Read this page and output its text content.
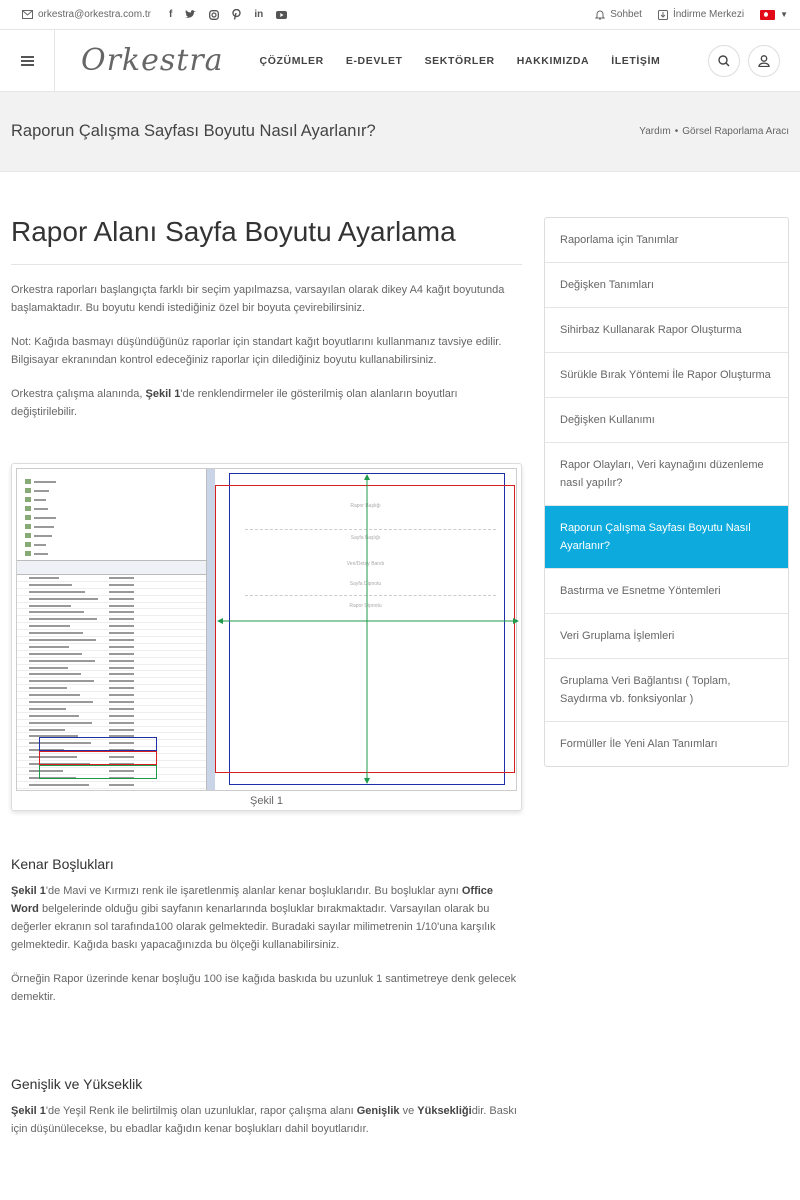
orkestra@orkestra.com.tr f	in	Sohbet	İndirme Merkezi	▼
Orkestra	ÇÖZÜMLER E-DEVLET SEKTÖRLER HAKKIMIZDA İLETİŞİM
Raporun Çalışma Sayfası Boyutu Nasıl Ayarlanır?	Yardım • Görsel Raporlama Aracı
Rapor Alanı Sayfa Boyutu Ayarlama

Orkestra raporları başlangıçta farklı bir seçim yapılmazsa, varsayılan olarak dikey A4 kağıt boyutunda başlamaktadır. Bu boyutu kendi istediğiniz özel bir boyuta çevirebilirsiniz.

Not: Kağıda basmayı düşündüğünüz raporlar için standart kağıt boyutlarını kullanmanız tavsiye edilir. Bilgisayar ekranından kontrol edeceğiniz raporlar için dilediğiniz boyutu kullanabilirsiniz.

Orkestra çalışma alanında, Şekil 1'de renklendirmeler ile gösterilmiş olan alanların boyutları değiştirilebilir.

Rapor Başlığı
Sayfa Başlığı
Veri/Detay Bandı
Sayfa Dipnotu
Rapor Dipnotu
Şekil 1
Kenar Boşlukları

Şekil 1'de Mavi ve Kırmızı renk ile işaretlenmiş alanlar kenar boşluklarıdır. Bu boşluklar aynı Office Word belgelerinde olduğu gibi sayfanın kenarlarında boşluklar bırakmaktadır. Varsayılan olarak bu değerler ekranın sol tarafında100 olarak gelmektedir. Buradaki sayılar milimetrenin 1/10'una karşılık gelmektedir. Kağıda baskı yapacağınızda bu ölçeği kullanabilirsiniz.

Örneğin Rapor üzerinde kenar boşluğu 100 ise kağıda baskıda bu uzunluk 1 santimetreye denk gelecek demektir.

Genişlik ve Yükseklik

Şekil 1'de Yeşil Renk ile belirtilmiş olan uzunluklar, rapor çalışma alanı Genişlik ve Yüksekliğidir. Baskı için düşünülecekse, bu ebadlar kağıdın kenar boşlukları dahil boyutlarıdır.

Raporlama için Tanımlar
Değişken Tanımları
Sihirbaz Kullanarak Rapor Oluşturma
Sürükle Bırak Yöntemi İle Rapor Oluşturma
Değişken Kullanımı
Rapor Olayları, Veri kaynağını düzenleme nasıl yapılır?
Raporun Çalışma Sayfası Boyutu Nasıl Ayarlanır?
Bastırma ve Esnetme Yöntemleri
Veri Gruplama İşlemleri
Gruplama Veri Bağlantısı ( Toplam, Saydırma vb. fonksiyonlar )
Formüller İle Yeni Alan Tanımları
